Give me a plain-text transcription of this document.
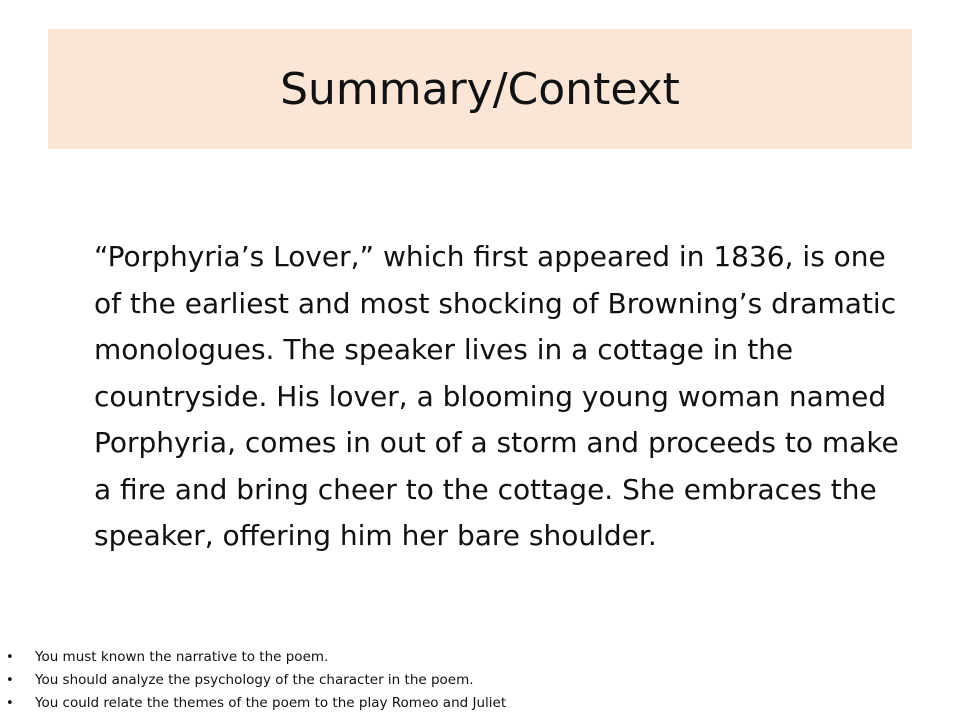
Summary/Context

“Porphyria’s Lover,” which first appeared in 1836, is one of the earliest and most shocking of Browning’s dramatic monologues. The speaker lives in a cottage in the countryside. His lover, a blooming young woman named Porphyria, comes in out of a storm and proceeds to make a fire and bring cheer to the cottage. She embraces the speaker, offering him her bare shoulder.

• You must known the narrative to the poem.
• You should analyze the psychology of the character in the poem.
• You could relate the themes of the poem to the play Romeo and Juliet
